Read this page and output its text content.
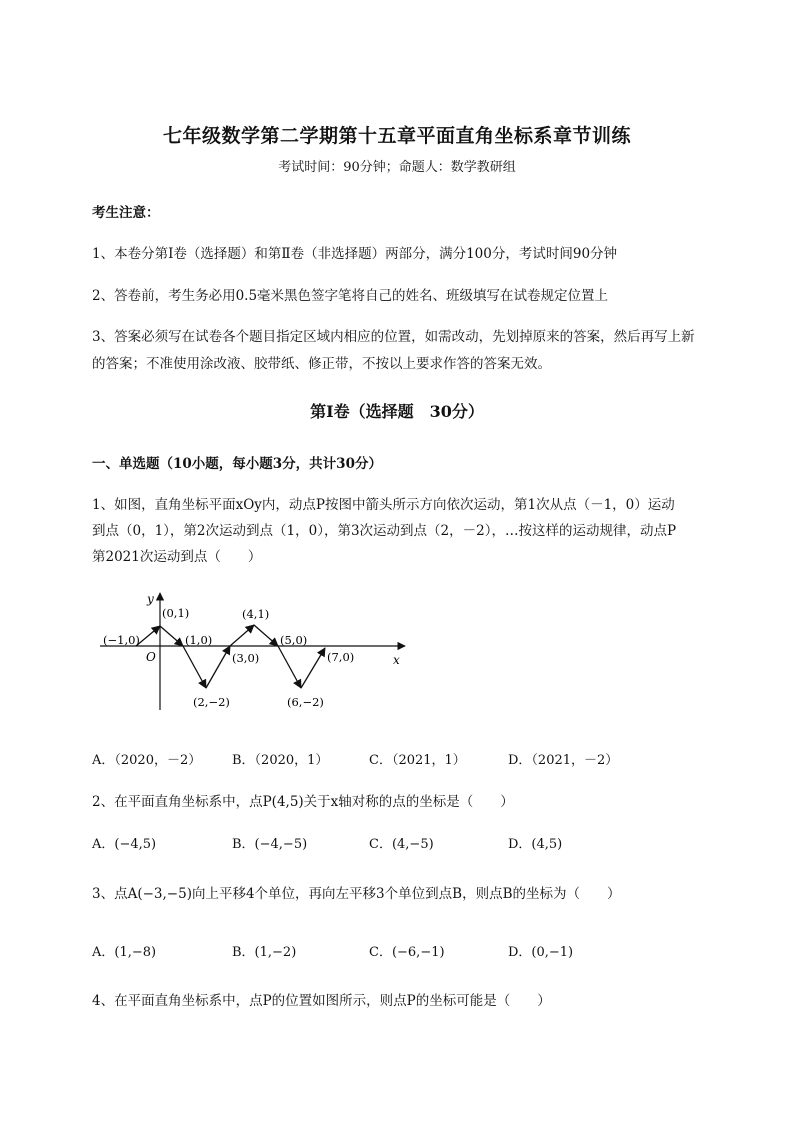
七年级数学第二学期第十五章平面直角坐标系章节训练
考试时间：90分钟；命题人：数学教研组
考生注意：
1、本卷分第Ⅰ卷（选择题）和第Ⅱ卷（非选择题）两部分，满分100分，考试时间90分钟
2、答卷前，考生务必用0.5毫米黑色签字笔将自己的姓名、班级填写在试卷规定位置上
3、答案必须写在试卷各个题目指定区域内相应的位置，如需改动，先划掉原来的答案，然后再写上新
的答案；不准使用涂改液、胶带纸、修正带，不按以上要求作答的答案无效。
第Ⅰ卷（选择题　30分）
一、单选题（10小题，每小题3分，共计30分）
1、如图，直角坐标平面xOy内，动点P按图中箭头所示方向依次运动，第1次从点（－1，0）运动
到点（0，1），第2次运动到点（1，0），第3次运动到点（2，－2），…按这样的运动规律，动点P
第2021次运动到点（　　）
x
y
O
(−1,0)
(0,1)
(1,0)
(2,−2)
(3,0)
(4,1)
(5,0)
(6,−2)
(7,0)
A．（2020，－2） B．（2020，1）	C．（2021，1）	D．（2021，－2）
2、在平面直角坐标系中，点P(4,5)关于x轴对称的点的坐标是（　　）
A．(−4,5)	B．(−4,−5)	C．(4,−5)	D．(4,5)
3、点A(−3,−5)向上平移4个单位，再向左平移3个单位到点B，则点B的坐标为（　　）
A．(1,−8)	B．(1,−2)	C．(−6,−1)	D．(0,−1)
4、在平面直角坐标系中，点P的位置如图所示，则点P的坐标可能是（　　）
